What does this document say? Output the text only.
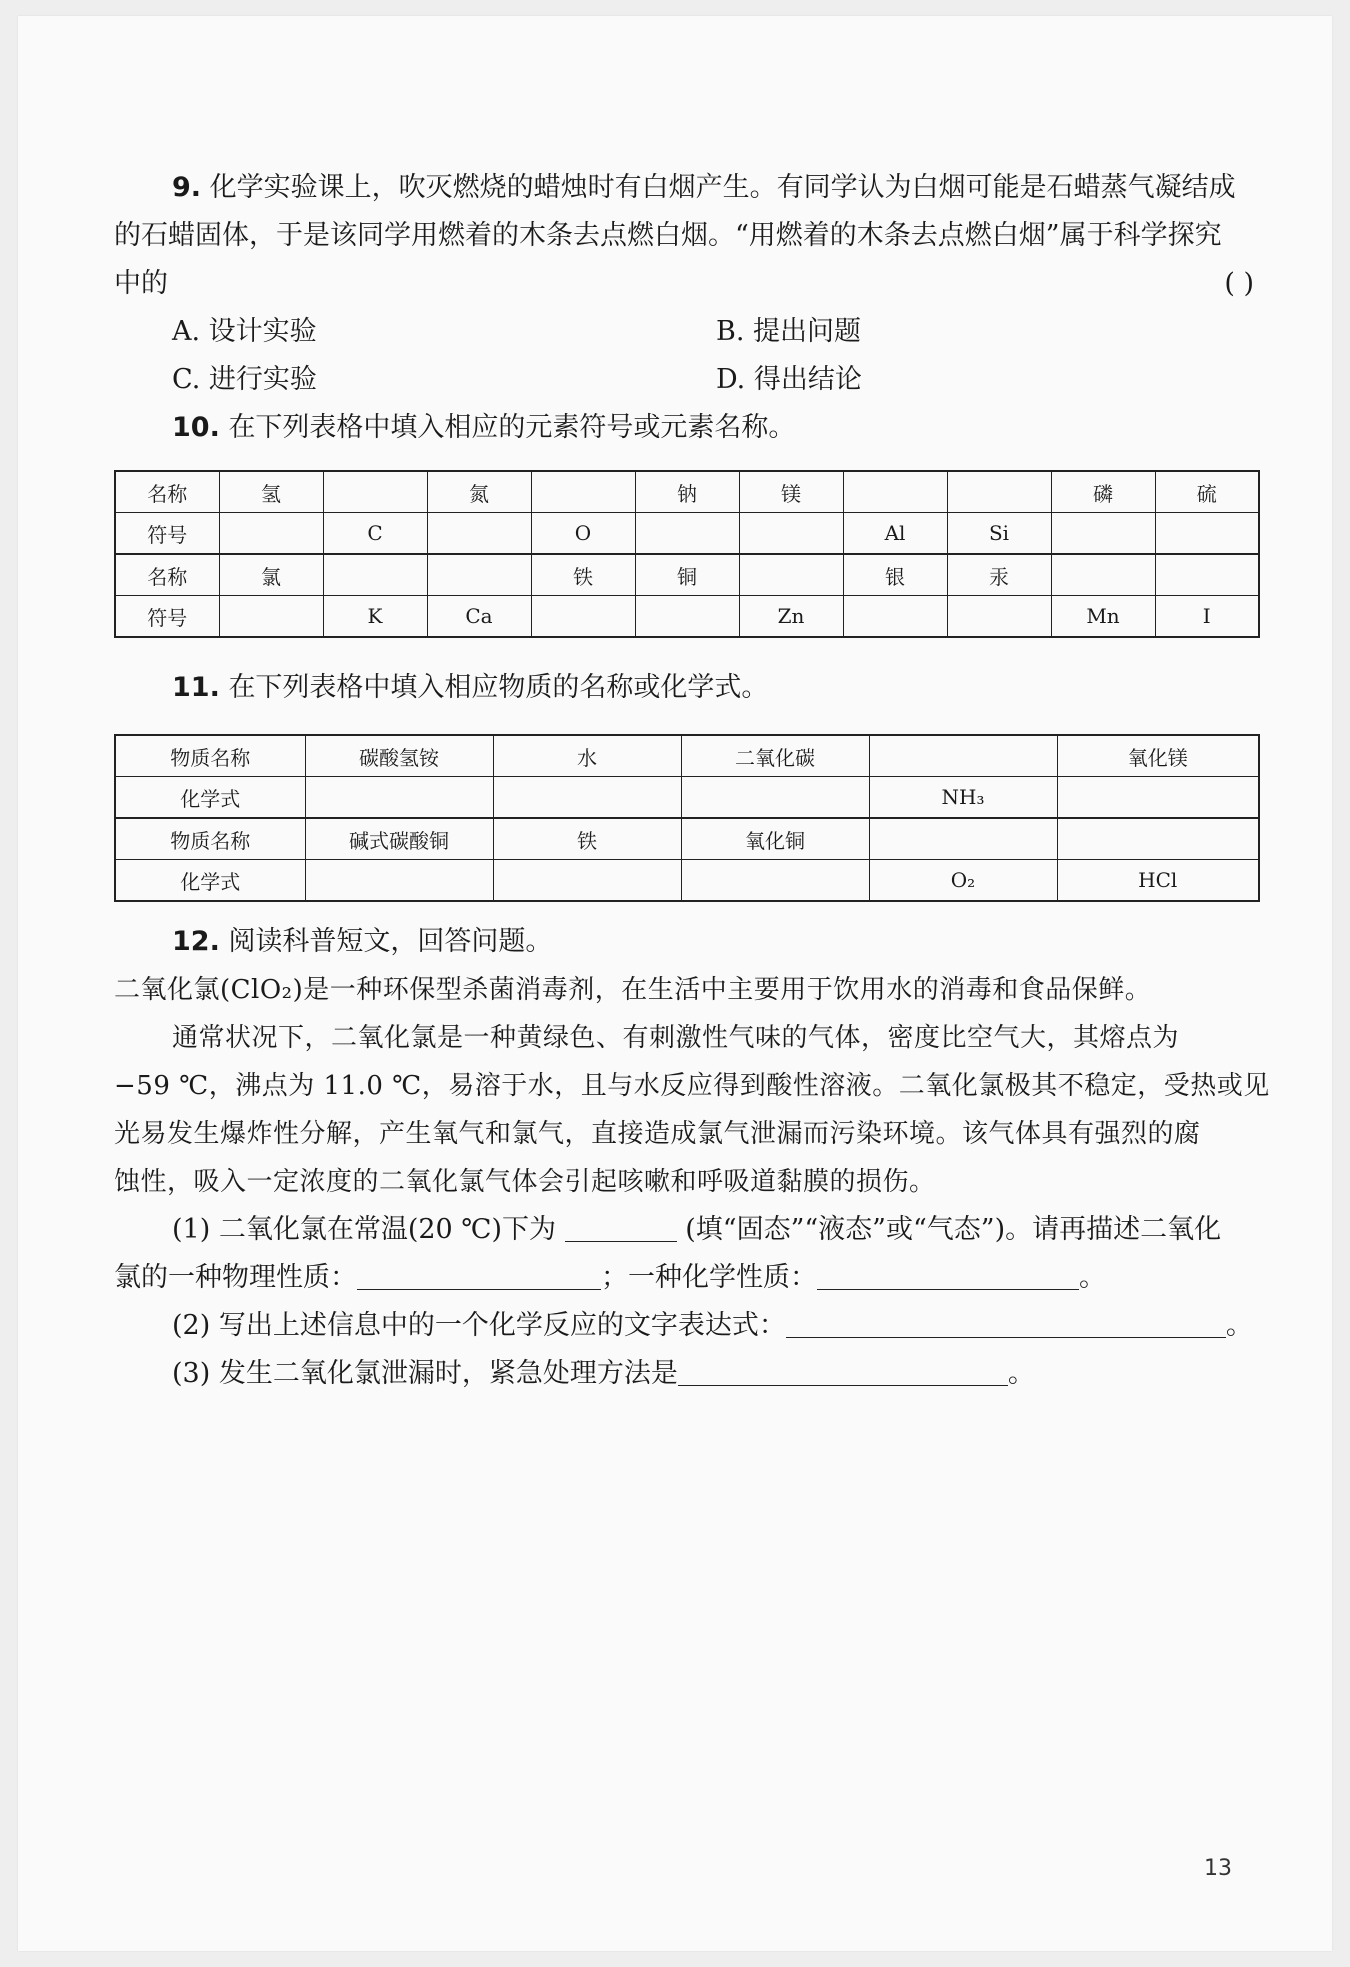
9. 化学实验课上，吹灭燃烧的蜡烛时有白烟产生。有同学认为白烟可能是石蜡蒸气凝结成
的石蜡固体，于是该同学用燃着的木条去点燃白烟。“用燃着的木条去点燃白烟”属于科学探究
中的	( )
A. 设计实验	B. 提出问题
C. 进行实验	D. 得出结论
10. 在下列表格中填入相应的元素符号或元素名称。
名称	氢		氮		钠	镁			磷	硫
符号		C		O			Al	Si		
名称	氯			铁	铜		银	汞		
符号		K	Ca			Zn			Mn	I
11. 在下列表格中填入相应物质的名称或化学式。
物质名称	碳酸氢铵	水	二氧化碳		氧化镁
化学式				NH₃	
物质名称	碱式碳酸铜	铁	氧化铜		
化学式				O₂	HCl
12. 阅读科普短文，回答问题。
二氧化氯(ClO₂)是一种环保型杀菌消毒剂，在生活中主要用于饮用水的消毒和食品保鲜。
通常状况下，二氧化氯是一种黄绿色、有刺激性气味的气体，密度比空气大，其熔点为
−59 ℃，沸点为 11.0 ℃，易溶于水，且与水反应得到酸性溶液。二氧化氯极其不稳定，受热或见
光易发生爆炸性分解，产生氧气和氯气，直接造成氯气泄漏而污染环境。该气体具有强烈的腐
蚀性，吸入一定浓度的二氧化氯气体会引起咳嗽和呼吸道黏膜的损伤。
(1) 二氧化氯在常温(20 ℃)下为	(填“固态”“液态”或“气态”)。请再描述二氧化
氯的一种物理性质：	；一种化学性质：	。
(2) 写出上述信息中的一个化学反应的文字表达式：	。
(3) 发生二氧化氯泄漏时，紧急处理方法是	。
13
